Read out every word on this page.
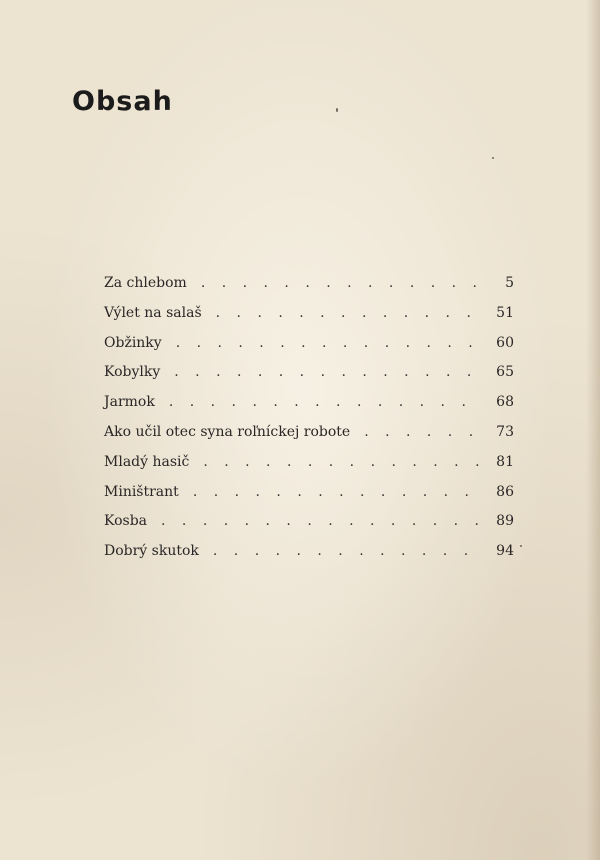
Obsah
Za chlebom . . .	5
Výlet na salaš . . .	51
Obžinky . . .	60
Kobylky . . .	65
Jarmok . . .	68
Ako učil otec syna roľníckej robote . . .	73
Mladý hasič . . .	81
Miništrant . . .	86
Kosba . . .	89
Dobrý skutok . . .	94
